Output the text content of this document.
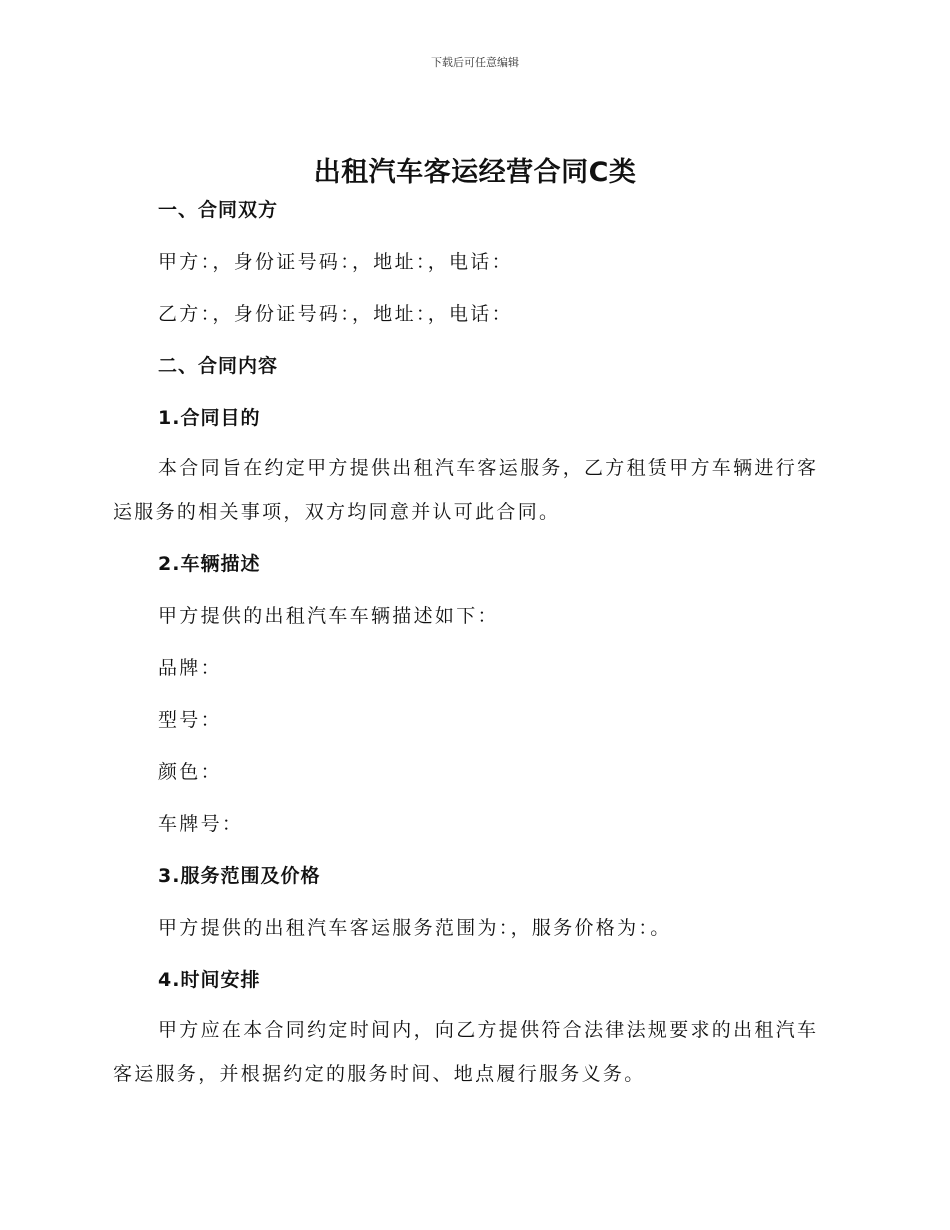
下载后可任意编辑
出租汽车客运经营合同C类

一、合同双方

甲方：，身份证号码：，地址：，电话：

乙方：，身份证号码：，地址：，电话：

二、合同内容

1.合同目的

本合同旨在约定甲方提供出租汽车客运服务，乙方租赁甲方车辆进行客运服务的相关事项，双方均同意并认可此合同。

2.车辆描述

甲方提供的出租汽车车辆描述如下：

品牌：

型号：

颜色：

车牌号：

3.服务范围及价格

甲方提供的出租汽车客运服务范围为：，服务价格为：。

4.时间安排

甲方应在本合同约定时间内，向乙方提供符合法律法规要求的出租汽车客运服务，并根据约定的服务时间、地点履行服务义务。
